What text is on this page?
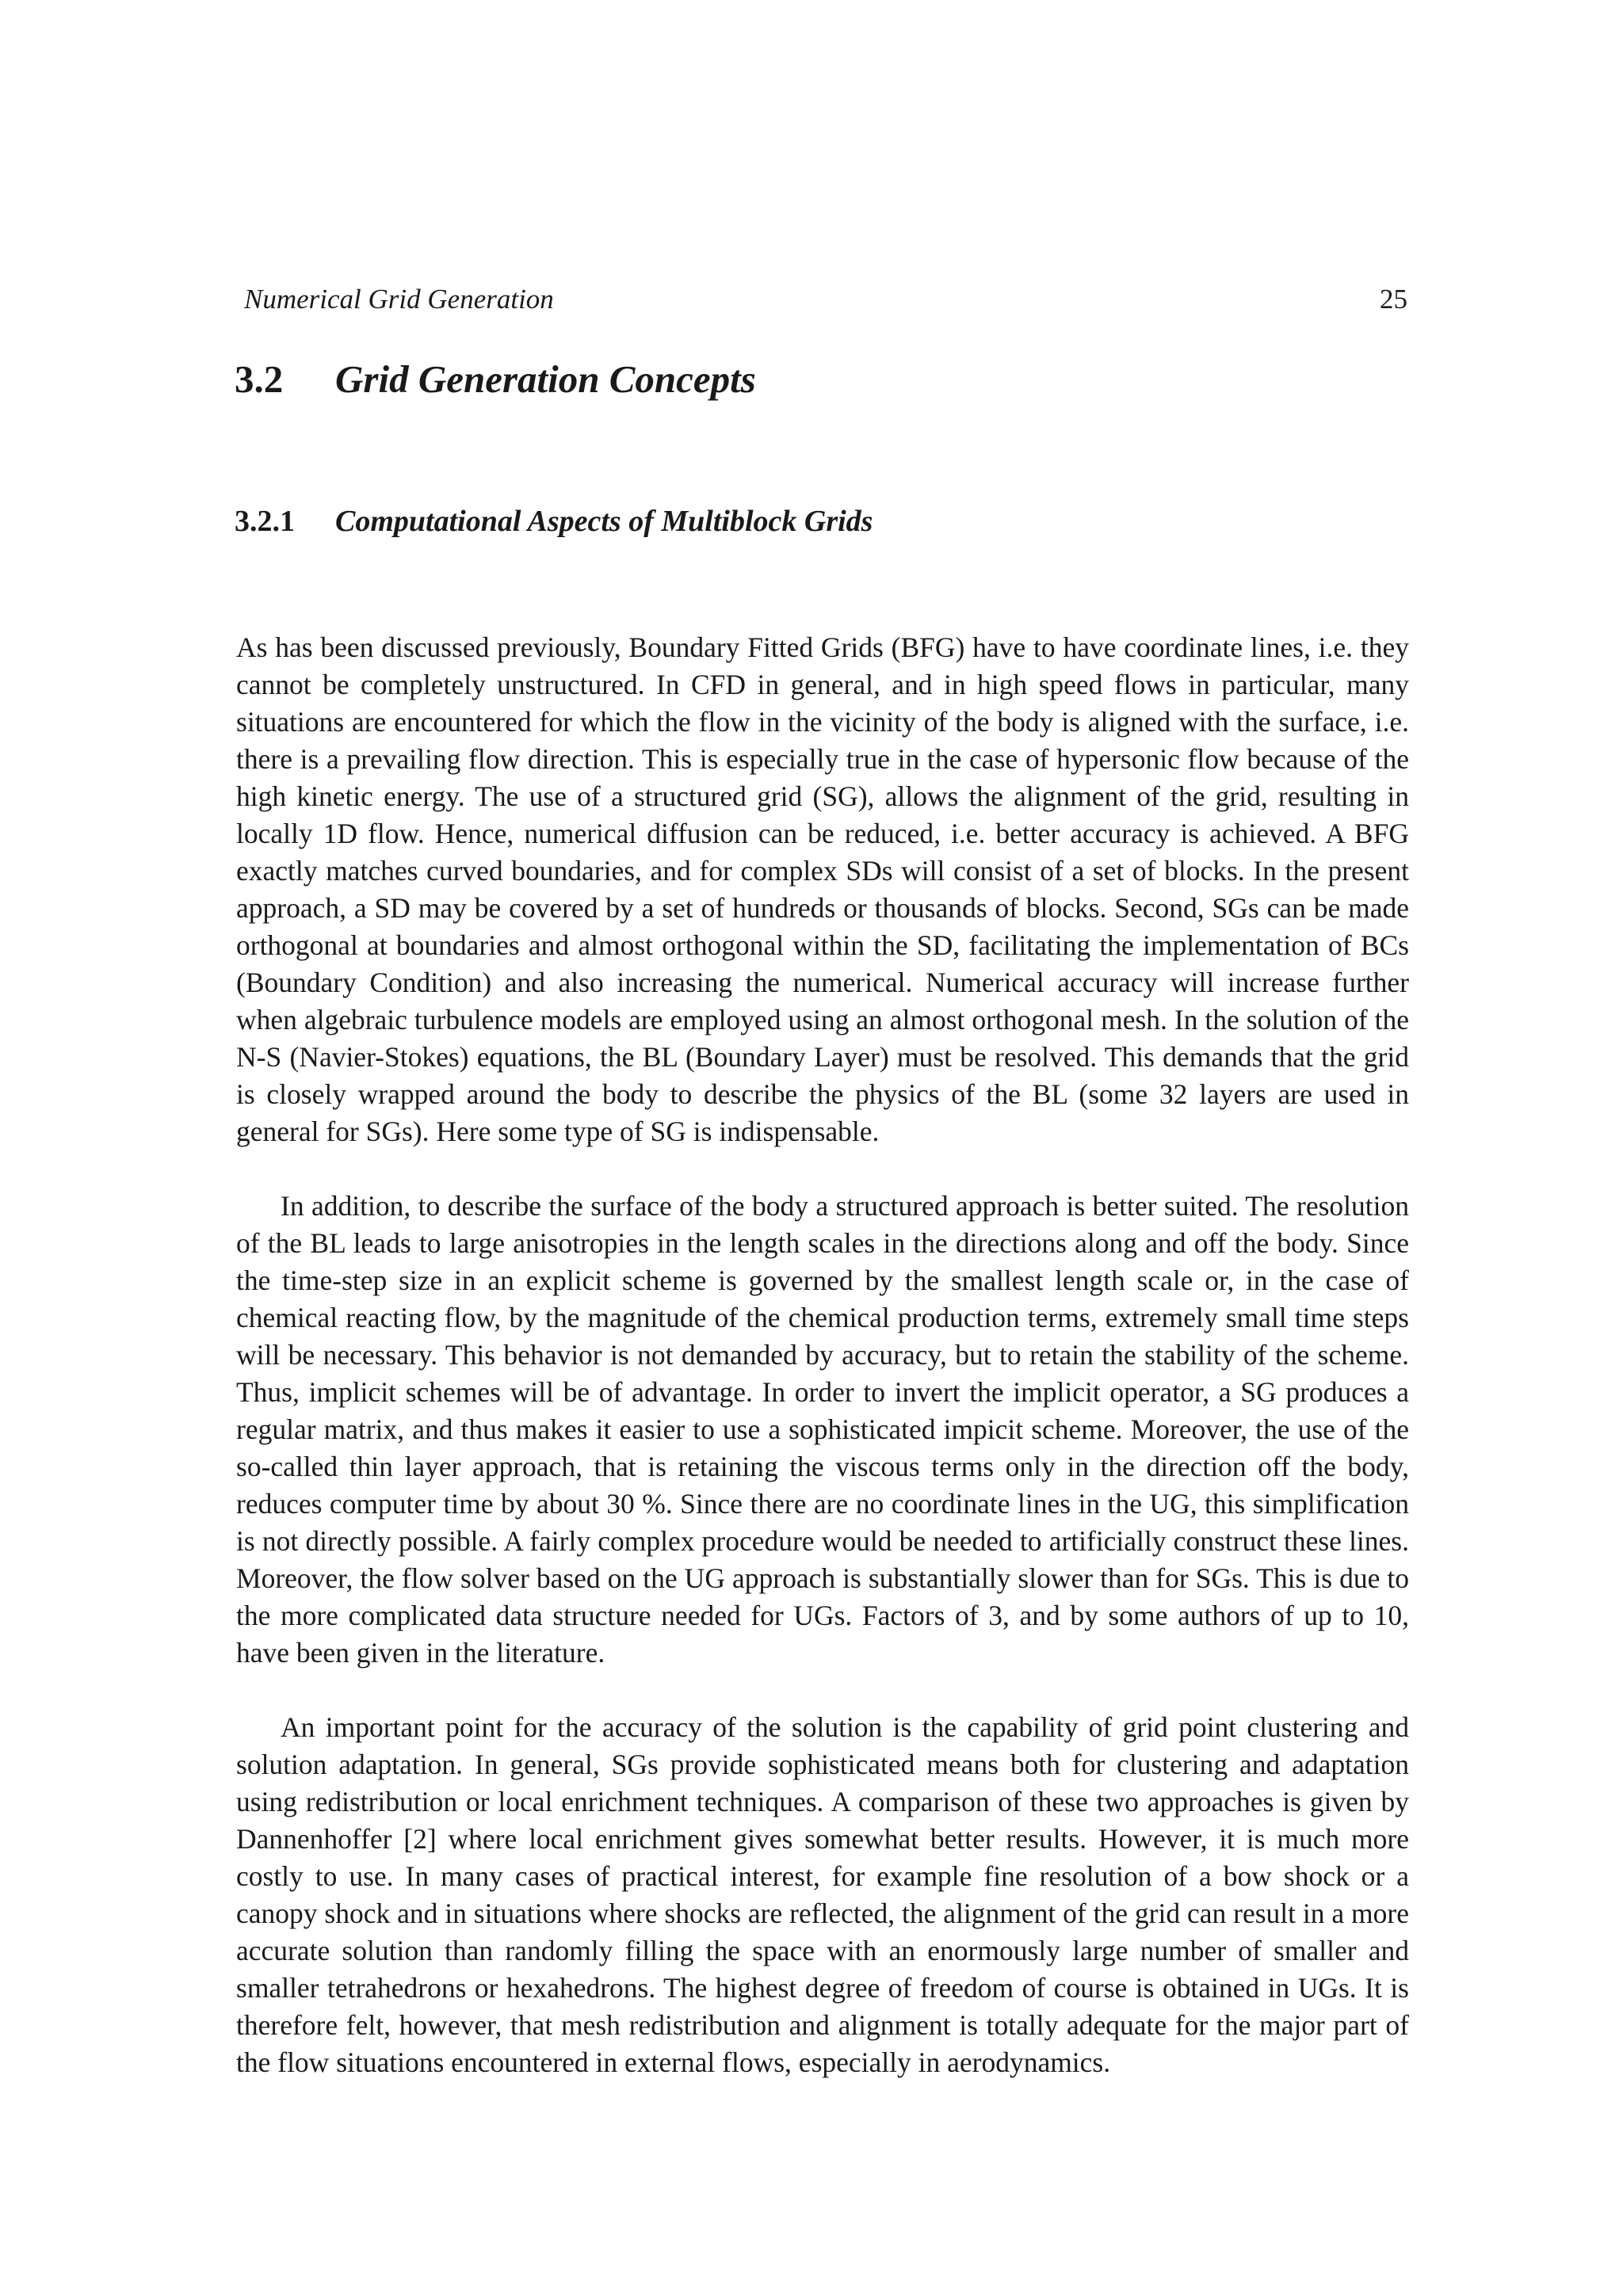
Numerical Grid Generation	25
3.2 Grid Generation Concepts
3.2.1 Computational Aspects of Multiblock Grids

As has been discussed previously, Boundary Fitted Grids (BFG) have to have coordinate lines, i.e. they cannot be completely unstructured. In CFD in general, and in high speed flows in particular, many situations are encountered for which the flow in the vicinity of the body is aligned with the surface, i.e. there is a prevailing flow direction. This is especially true in the case of hypersonic flow because of the high kinetic energy. The use of a structured grid (SG), allows the alignment of the grid, resulting in locally 1D flow. Hence, numerical diffusion can be reduced, i.e. better accuracy is achieved. A BFG exactly matches curved boundaries, and for complex SDs will consist of a set of blocks. In the present approach, a SD may be covered by a set of hundreds or thousands of blocks. Second, SGs can be made orthogonal at boundaries and almost orthogonal within the SD, facilitating the implementation of BCs (Boundary Condition) and also increasing the numerical. Numerical accuracy will increase further when algebraic turbulence models are employed using an almost orthogonal mesh. In the solution of the N-S (Navier-Stokes) equations, the BL (Boundary Layer) must be resolved. This demands that the grid is closely wrapped around the body to describe the physics of the BL (some 32 layers are used in general for SGs). Here some type of SG is indispensable.

In addition, to describe the surface of the body a structured approach is better suited. The resolution of the BL leads to large anisotropies in the length scales in the directions along and off the body. Since the time-step size in an explicit scheme is governed by the smallest length scale or, in the case of chemical reacting flow, by the magnitude of the chemical production terms, extremely small time steps will be necessary. This behavior is not demanded by accuracy, but to retain the stability of the scheme. Thus, implicit schemes will be of advantage. In order to invert the implicit operator, a SG produces a regular matrix, and thus makes it easier to use a sophisticated impicit scheme. Moreover, the use of the so-called thin layer approach, that is retaining the viscous terms only in the direction off the body, reduces computer time by about 30 %. Since there are no coordinate lines in the UG, this simplification is not directly possible. A fairly complex procedure would be needed to artificially construct these lines. Moreover, the flow solver based on the UG approach is substantially slower than for SGs. This is due to the more complicated data structure needed for UGs. Factors of 3, and by some authors of up to 10, have been given in the literature.

An important point for the accuracy of the solution is the capability of grid point clustering and solution adaptation. In general, SGs provide sophisticated means both for clustering and adaptation using redistribution or local enrichment techniques. A comparison of these two approaches is given by Dannenhoffer [2] where local enrichment gives somewhat better results. However, it is much more costly to use. In many cases of practical interest, for example fine resolution of a bow shock or a canopy shock and in situations where shocks are reflected, the alignment of the grid can result in a more accurate solution than randomly filling the space with an enormously large number of smaller and smaller tetrahedrons or hexahedrons. The highest degree of freedom of course is obtained in UGs. It is therefore felt, however, that mesh redistribution and alignment is totally adequate for the major part of the flow situations encountered in external flows, especially in aerodynamics.
